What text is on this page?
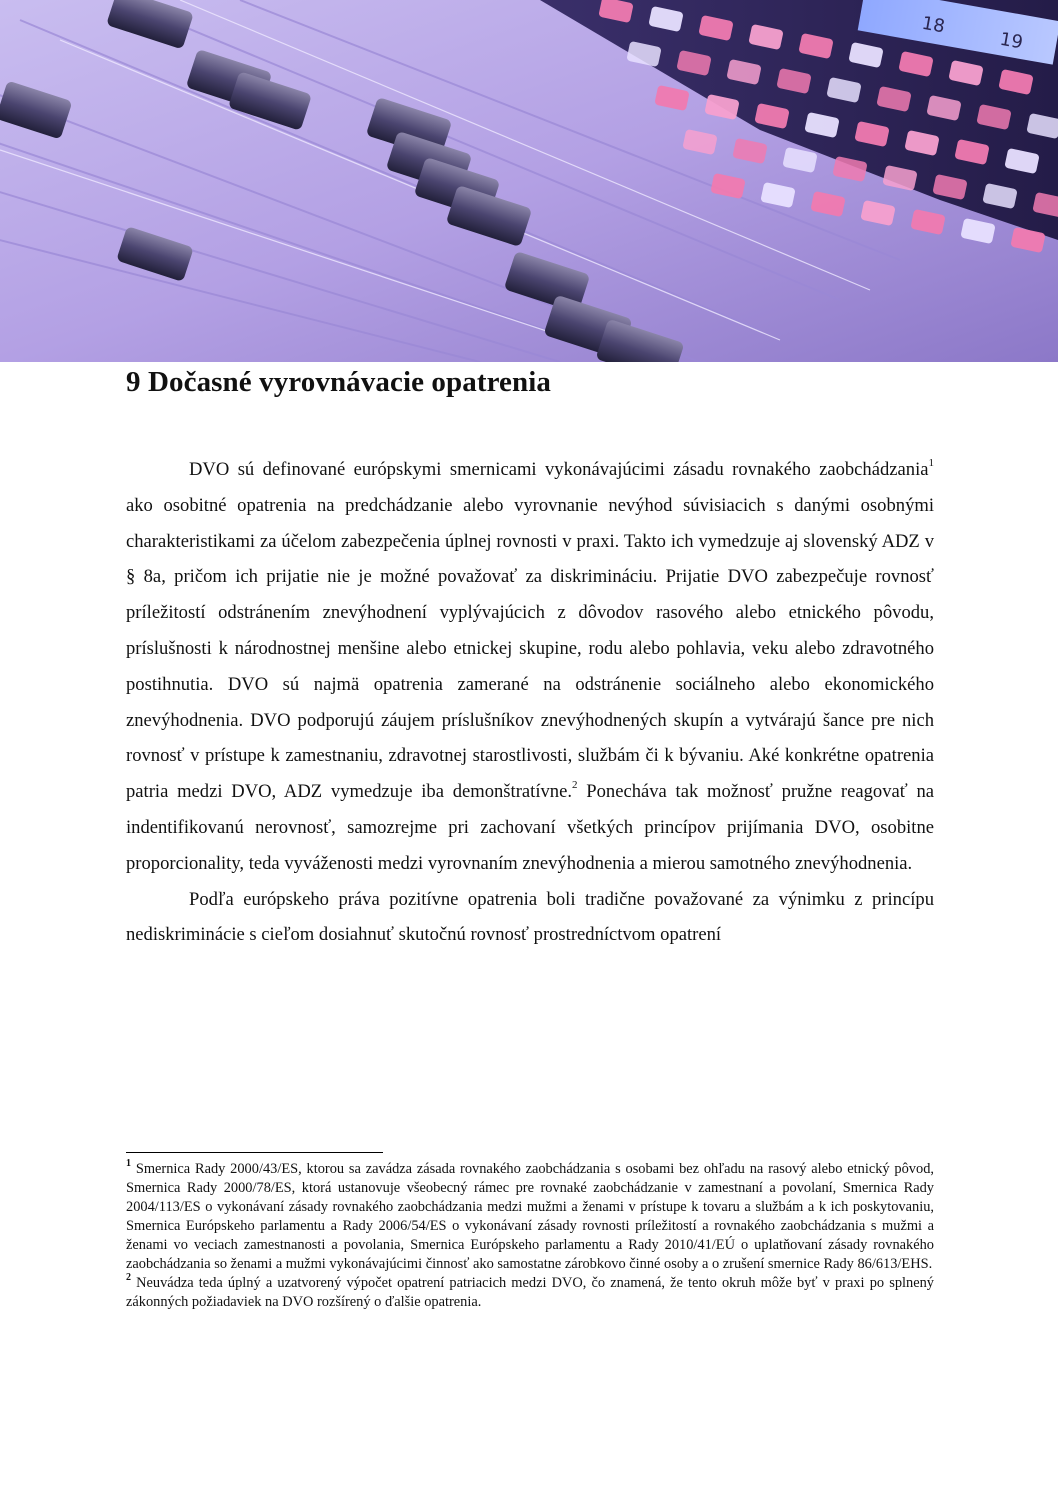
18
19
9 Dočasné vyrovnávacie opatrenia

DVO sú definované európskymi smernicami vykonávajúcimi zásadu rovnakého zaobchádzania$^1$ ako osobitné opatrenia na predchádzanie alebo vyrovnanie nevýhod súvisiacich s danými osobnými charakteristikami za účelom zabezpečenia úplnej rovnosti v praxi. Takto ich vymedzuje aj slovenský ADZ v § 8a, pričom ich prijatie nie je možné považovať za diskrimináciu. Prijatie DVO zabezpečuje rovnosť príležitostí odstránením znevýhodnení vyplývajúcich z dôvodov rasového alebo etnického pôvodu, príslušnosti k národnostnej menšine alebo etnickej skupine, rodu alebo pohlavia, veku alebo zdravotného postihnutia. DVO sú najmä opatrenia zamerané na odstránenie sociálneho alebo ekonomického znevýhodnenia. DVO podporujú záujem príslušníkov znevýhodnených skupín a vytvárajú šance pre nich rovnosť v prístupe k zamestnaniu, zdravotnej starostlivosti, službám či k bývaniu. Aké konkrétne opatrenia patria medzi DVO, ADZ vymedzuje iba demonštratívne.$^2$ Ponecháva tak možnosť pružne reagovať na indentifikovanú nerovnosť, samozrejme pri zachovaní všetkých princípov prijímania DVO, osobitne proporcionality, teda vyváženosti medzi vyrovnaním znevýhodnenia a mierou samotného znevýhodnenia.

Podľa európskeho práva pozitívne opatrenia boli tradične považované za výnimku z princípu nediskriminácie s cieľom dosiahnuť skutočnú rovnosť prostredníctvom opatrení

$^1$ Smernica Rady 2000/43/ES, ktorou sa zavádza zásada rovnakého zaobchádzania s osobami bez ohľadu na rasový alebo etnický pôvod, Smernica Rady 2000/78/ES, ktorá ustanovuje všeobecný rámec pre rovnaké zaobchádzanie v zamestnaní a povolaní, Smernica Rady 2004/113/ES o vykonávaní zásady rovnakého zaobchádzania medzi mužmi a ženami v prístupe k tovaru a službám a k ich poskytovaniu, Smernica Európskeho parlamentu a Rady 2006/54/ES o vykonávaní zásady rovnosti príležitostí a rovnakého zaobchádzania s mužmi a ženami vo veciach zamestnanosti a povolania, Smernica Európskeho parlamentu a Rady 2010/41/EÚ o uplatňovaní zásady rovnakého zaobchádzania so ženami a mužmi vykonávajúcimi činnosť ako samostatne zárobkovo činné osoby a o zrušení smernice Rady 86/613/EHS.

$^2$ Neuvádza teda úplný a uzatvorený výpočet opatrení patriacich medzi DVO, čo znamená, že tento okruh môže byť v praxi po splnený zákonných požiadaviek na DVO rozšírený o ďalšie opatrenia.
